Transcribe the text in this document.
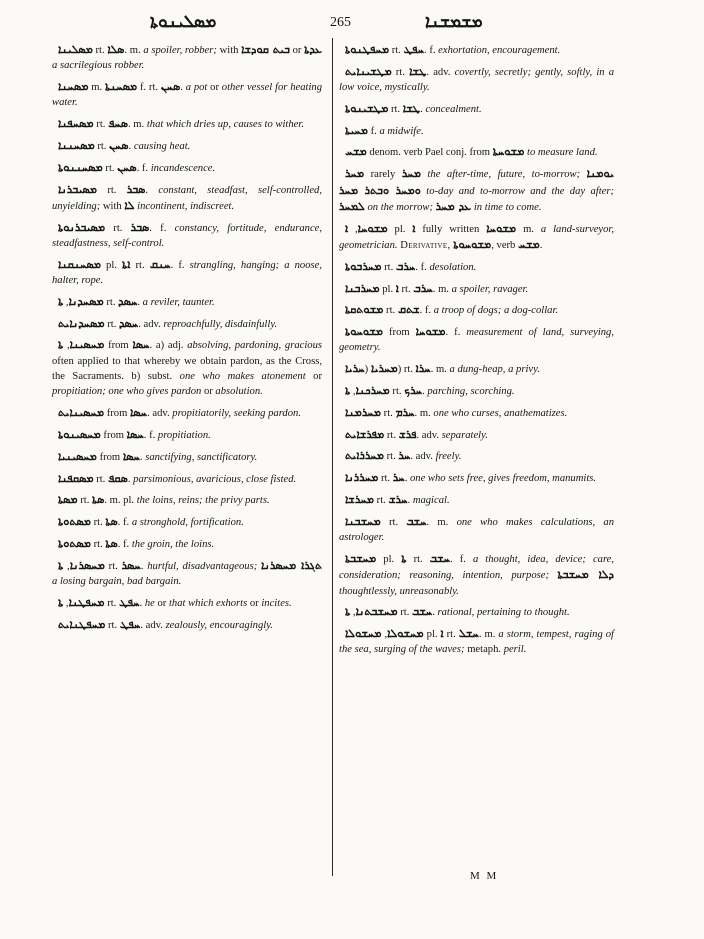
ܡܣܠܝܢܘܬܐ	265	ܡܫܡܫܢܐ

ܡܣܠܝܢܐ rt. ܣܠܐ. m. a spoiler, robber; with ܒܝܬ ܩܘܕܫܐ or ܥܕܬܐ a sacrilegious robber.

ܡܣܚܢܐ m. ܡܣܚܢܬܐ f. rt. ܣܚܢ. a pot or other vessel for heating water.

ܡܣܚܦܢܐ rt. ܣܚܦ. m. that which dries up, causes to wither.

ܡܣܚܢܢܐ rt. ܣܚܢ. causing heat.

ܡܣܚܢܢܘܬܐ rt. ܣܚܢ. f. incandescence.

ܡܣܝܒܪܢܐ rt. ܣܒܪ. constant, steadfast, self-controlled, unyielding; with ܠܐ incontinent, indiscreet.

ܡܣܝܒܪܢܘܬܐ rt. ܣܒܪ. f. constancy, fortitude, endurance, steadfastness, self-control.

ܡܣܚܢܩܢܐ pl. ܐܬܐ rt. ܚܢܩ. f. strangling, hanging; a noose, halter, rope.

ܡܣܚܕܢܐ, ܬܐ	rt. ܚܣܕ. a reviler, taunter.

ܡܣܚܕܢܐܝܬ rt. ܚܣܕ. adv. reproachfully, disdainfully.

ܡܚܣܝܢܐ, ܬܐ	from ܚܣܐ. a) adj. absolving, pardoning, gracious often applied to that whereby we obtain pardon, as the Cross, the Sacraments. b) subst. one who makes atonement or propitiation; one who gives pardon or absolution.

ܡܚܣܝܢܐܝܬ from ܚܣܐ. adv. propitiatorily, seeking pardon.

ܡܚܣܝܢܘܬܐ from ܚܣܐ. f. propitiation.

ܡܚܣܝܢܝܐ from ܚܣܐ. sanctifying, sanctificatory.

ܡܣܩܦܢܐ rt. ܣܩܦ. parsimonious, avaricious, close fisted.

ܡܣܬܐ rt. ܣܬܐ. m. pl. the loins, reins; the privy parts.

ܡܣܬܘܬܐ rt. ܣܬܐ. f. a stronghold, fortification.

ܡܣܬܘܬܐ rt. ܣܬܐ. f. the groin, the loins.

ܡܚܣܪܢܐ, ܬܐ	rt. ܚܣܪ. hurtful, disadvantageous; ܬܓܪܐ ܡܚܣܪܢܐ a losing bargain, bad bargain.

ܡܚܦܛܢܐ, ܬܐ	rt. ܚܦܛ. he or that which exhorts or incites.

ܡܚܦܛܢܐܝܬ rt. ܚܦܛ. adv. zealously, encouragingly.

ܡܚܦܛܢܘܬܐ rt. ܚܦܛ. f. exhortation, encouragement.

ܡܛܫܝܢܐܝܬ rt. ܛܫܐ. adv. covertly, secretly; gently, softly, in a low voice, mystically.

ܡܛܫܝܢܘܬܐ rt. ܛܫܐ. concealment.

ܡܚܝܬܐ f. a midwife.

ܡܫܚ denom. verb Pael conj. from ܡܫܘܚܬܐ to measure land.

ܡܚܪ rarely ܡܚܪ the after-time, future, to-morrow; ܝܘܡܢܐ ܘܡܚܪ ܘܒܬܪ ܡܚܪ to-day and to-morrow and the day after; ܠܡܚܪ on the morrow; ܥܕ ܡܚܪ in time to come.

ܡܫܘܚܐ, ܐ	pl. ܐ fully written ܡܫܘܚܐ m. a land-surveyor, geometrician. Derivative, ܡܫܘܚܘܬܐ, verb ܡܫܚ.

ܡܚܪܒܘܬܐ rt. ܚܪܒ. f. desolation.

ܡܚܪܒܢܐ pl. ܐ rt. ܚܪܒ. m. a spoiler, ravager.

ܡܫܘܬܩܬܐ rt. ܫܬܩ. f. a troop of dogs; a dog-collar.

ܡܫܘܚܘܬܐ from ܡܫܘܚܐ. f. measurement of land, surveying, geometry.

ܡܚܪܝܐ (ܚܪܝܐ	) rt. ܚܪܐ. m. a dung-heap, a privy.

ܡܚܪܟܢܐ, ܬܐ	rt. ܚܪܟ. parching, scorching.

ܡܚܪܡܢܐ rt. ܚܪܡ. m. one who curses, anathematizes.

ܡܦܪܫܐܝܬ rt. ܦܪܫ. adv. separately.

ܡܚܪܪܐܝܬ rt. ܚܪ. adv. freely.

ܡܚܪܪܢܐ rt. ܚܪ. one who sets free, gives freedom, manumits.

ܡܚܪܫܐ rt. ܚܪܫ. magical.

ܡܚܫܒܢܐ rt. ܚܫܒ. m. one who makes calculations, an astrologer.

ܡܚܫܒܬܐ pl. ܬܐ rt. ܚܫܒ. f. a thought, idea, device; care, consideration; reasoning, intention, purpose; ܕܠܐ ܡܚܫܒܬܐ thoughtlessly, unreasonably.

ܡܚܫܒܬܢܐ, ܬܐ	rt. ܚܫܒ. rational, pertaining to thought.

ܡܚܫܘܠܐ, ܡܚܫܘܠܐ	pl. ܐ rt. ܚܫܠ. m. a storm, tempest, raging of the sea, surging of the waves; metaph. peril.

M M
